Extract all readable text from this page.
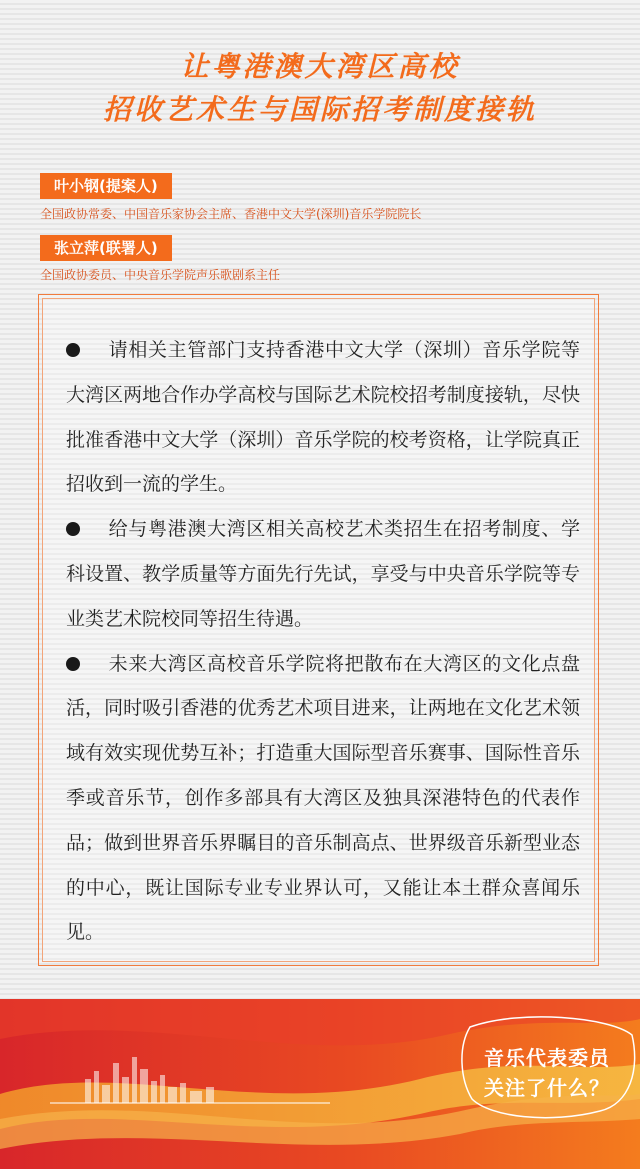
让粤港澳大湾区高校
招收艺术生与国际招考制度接轨
叶小钢(提案人)
全国政协常委、中国音乐家协会主席、香港中文大学(深圳)音乐学院院长
张立萍(联署人)
全国政协委员、中央音乐学院声乐歌剧系主任

请相关主管部门支持香港中文大学（深圳）音乐学院等大湾区两地合作办学高校与国际艺术院校招考制度接轨，尽快批准香港中文大学（深圳）音乐学院的校考资格，让学院真正招收到一流的学生。

给与粤港澳大湾区相关高校艺术类招生在招考制度、学科设置、教学质量等方面先行先试，享受与中央音乐学院等专业类艺术院校同等招生待遇。

未来大湾区高校音乐学院将把散布在大湾区的文化点盘活，同时吸引香港的优秀艺术项目进来，让两地在文化艺术领域有效实现优势互补；打造重大国际型音乐赛事、国际性音乐季或音乐节，创作多部具有大湾区及独具深港特色的代表作品；做到世界音乐界瞩目的音乐制高点、世界级音乐新型业态的中心，既让国际专业专业界认可，又能让本土群众喜闻乐见。

音乐代表委员
关注了什么？
